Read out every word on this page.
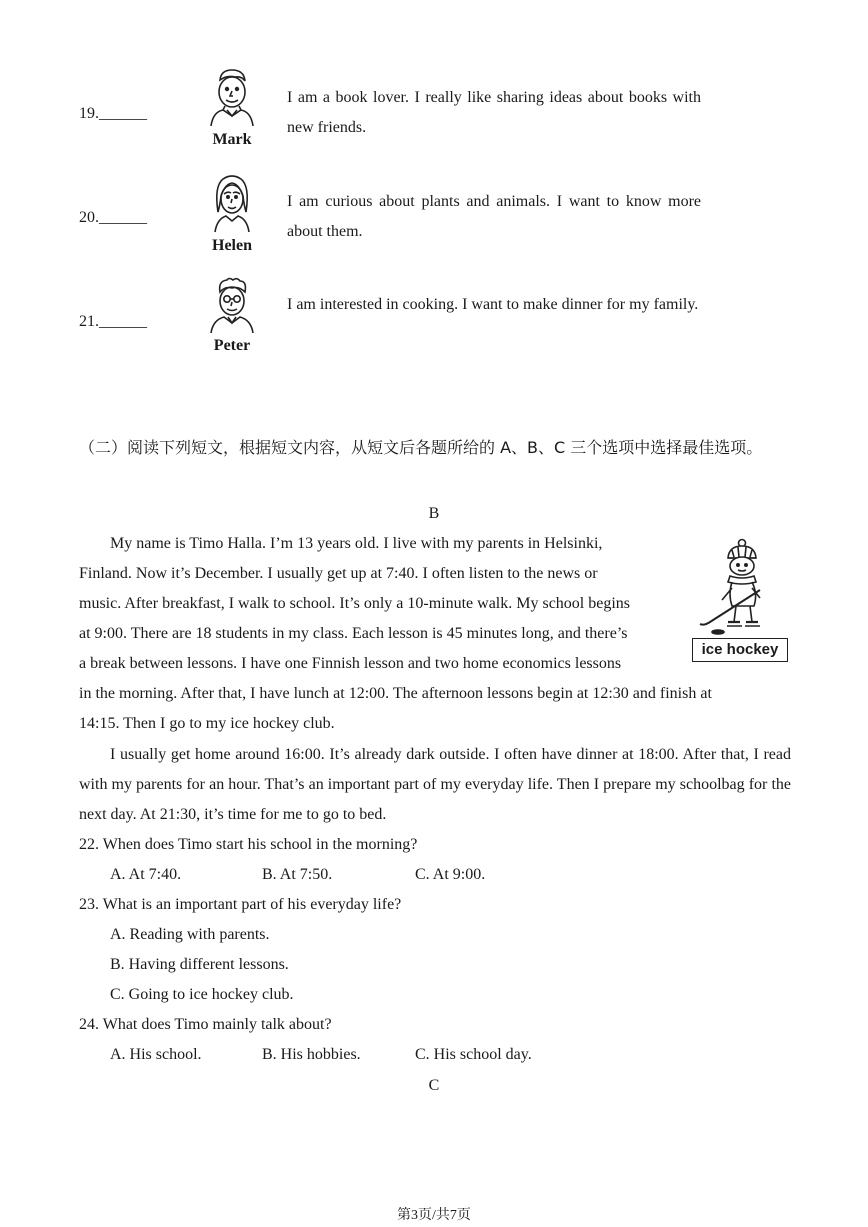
19.______
Mark
I am a book lover. I really like sharing ideas about books with new friends.
20.______
Helen
I am curious about plants and animals. I want to know more about them.
21.______
Peter
I am interested in cooking. I want to make dinner for my family.
（二）阅读下列短文，根据短文内容，从短文后各题所给的 A、B、C 三个选项中选择最佳选项。
B
My name is Timo Halla. I’m 13 years old. I live with my parents in Helsinki,
Finland. Now it’s December. I usually get up at 7:40. I often listen to the news or
music. After breakfast, I walk to school. It’s only a 10-minute walk. My school begins
at 9:00. There are 18 students in my class. Each lesson is 45 minutes long, and there’s
a break between lessons. I have one Finnish lesson and two home economics lessons
ice hockey
in the morning. After that, I have lunch at 12:00. The afternoon lessons begin at 12:30 and finish at
14:15. Then I go to my ice hockey club.
I usually get home around 16:00. It’s already dark outside. I often have dinner at 18:00. After that, I read with my parents for an hour. That’s an important part of my everyday life. Then I prepare my schoolbag for the next day. At 21:30, it’s time for me to go to bed.
22. When does Timo start his school in the morning?
A. At 7:40.	B. At 7:50.	C. At 9:00.
23. What is an important part of his everyday life?
A. Reading with parents.
B. Having different lessons.
C. Going to ice hockey club.
24. What does Timo mainly talk about?
A. His school.	B. His hobbies.	C. His school day.
C
第3页/共7页
